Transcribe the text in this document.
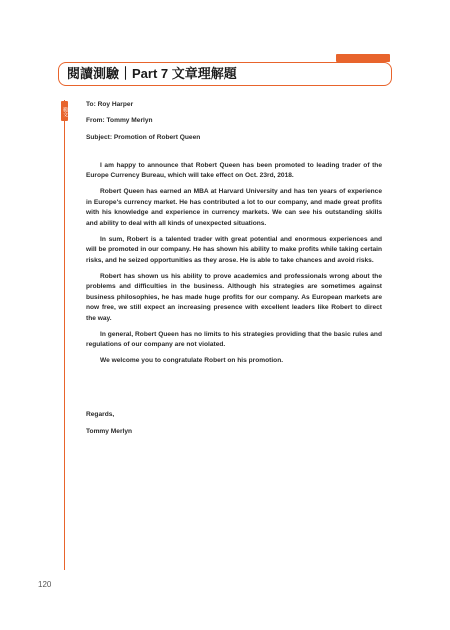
閱讀測驗｜Part 7 文章理解題
範文
To: Roy Harper
From: Tommy Merlyn
Subject: Promotion of Robert Queen

I am happy to announce that Robert Queen has been promoted to leading trader of the Europe Currency Bureau, which will take effect on Oct. 23rd, 2018.

Robert Queen has earned an MBA at Harvard University and has ten years of experience in Europe's currency market. He has contributed a lot to our company, and made great profits with his knowledge and experience in currency markets. We can see his outstanding skills and ability to deal with all kinds of unexpected situations.

In sum, Robert is a talented trader with great potential and enormous experiences and will be promoted in our company. He has shown his ability to make profits while taking certain risks, and he seized opportunities as they arose. He is able to take chances and avoid risks.

Robert has shown us his ability to prove academics and professionals wrong about the problems and difficulties in the business. Although his strategies are sometimes against business philosophies, he has made huge profits for our company. As European markets are now free, we still expect an increasing presence with excellent leaders like Robert to direct the way.

In general, Robert Queen has no limits to his strategies providing that the basic rules and regulations of our company are not violated.

We welcome you to congratulate Robert on his promotion.

Regards,
Tommy Merlyn
120
